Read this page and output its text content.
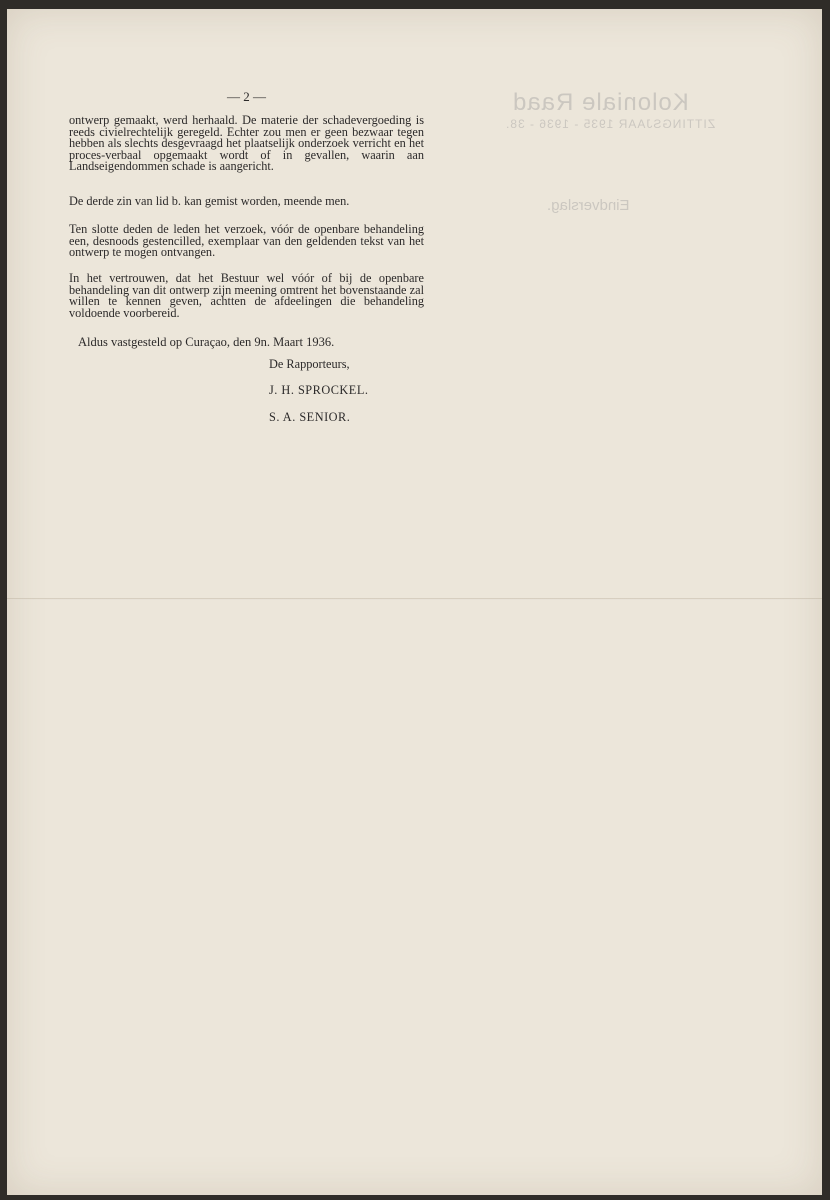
Koloniale Raad
ZITTINGSJAAR 1935 - 1936 - 38.
Eindverslag.
— 2 —
ontwerp gemaakt, werd herhaald. De materie der schadevergoeding is reeds civielrechtelijk geregeld. Echter zou men er geen bezwaar tegen hebben als slechts desgevraagd het plaatselijk onderzoek verricht en het proces-verbaal opgemaakt wordt of in gevallen, waarin aan Landseigendommen schade is aangericht.
De derde zin van lid b. kan gemist worden, meende men.
Ten slotte deden de leden het verzoek, vóór de openbare behandeling een, desnoods gestencilled, exemplaar van den geldenden tekst van het ontwerp te mogen ontvangen.
In het vertrouwen, dat het Bestuur wel vóór of bij de openbare behandeling van dit ontwerp zijn meening omtrent het bovenstaande zal willen te kennen geven, achtten de afdeelingen die behandeling voldoende voorbereid.
Aldus vastgesteld op Curaçao, den 9n. Maart 1936.
De Rapporteurs,
J. H. SPROCKEL.
S. A. SENIOR.
